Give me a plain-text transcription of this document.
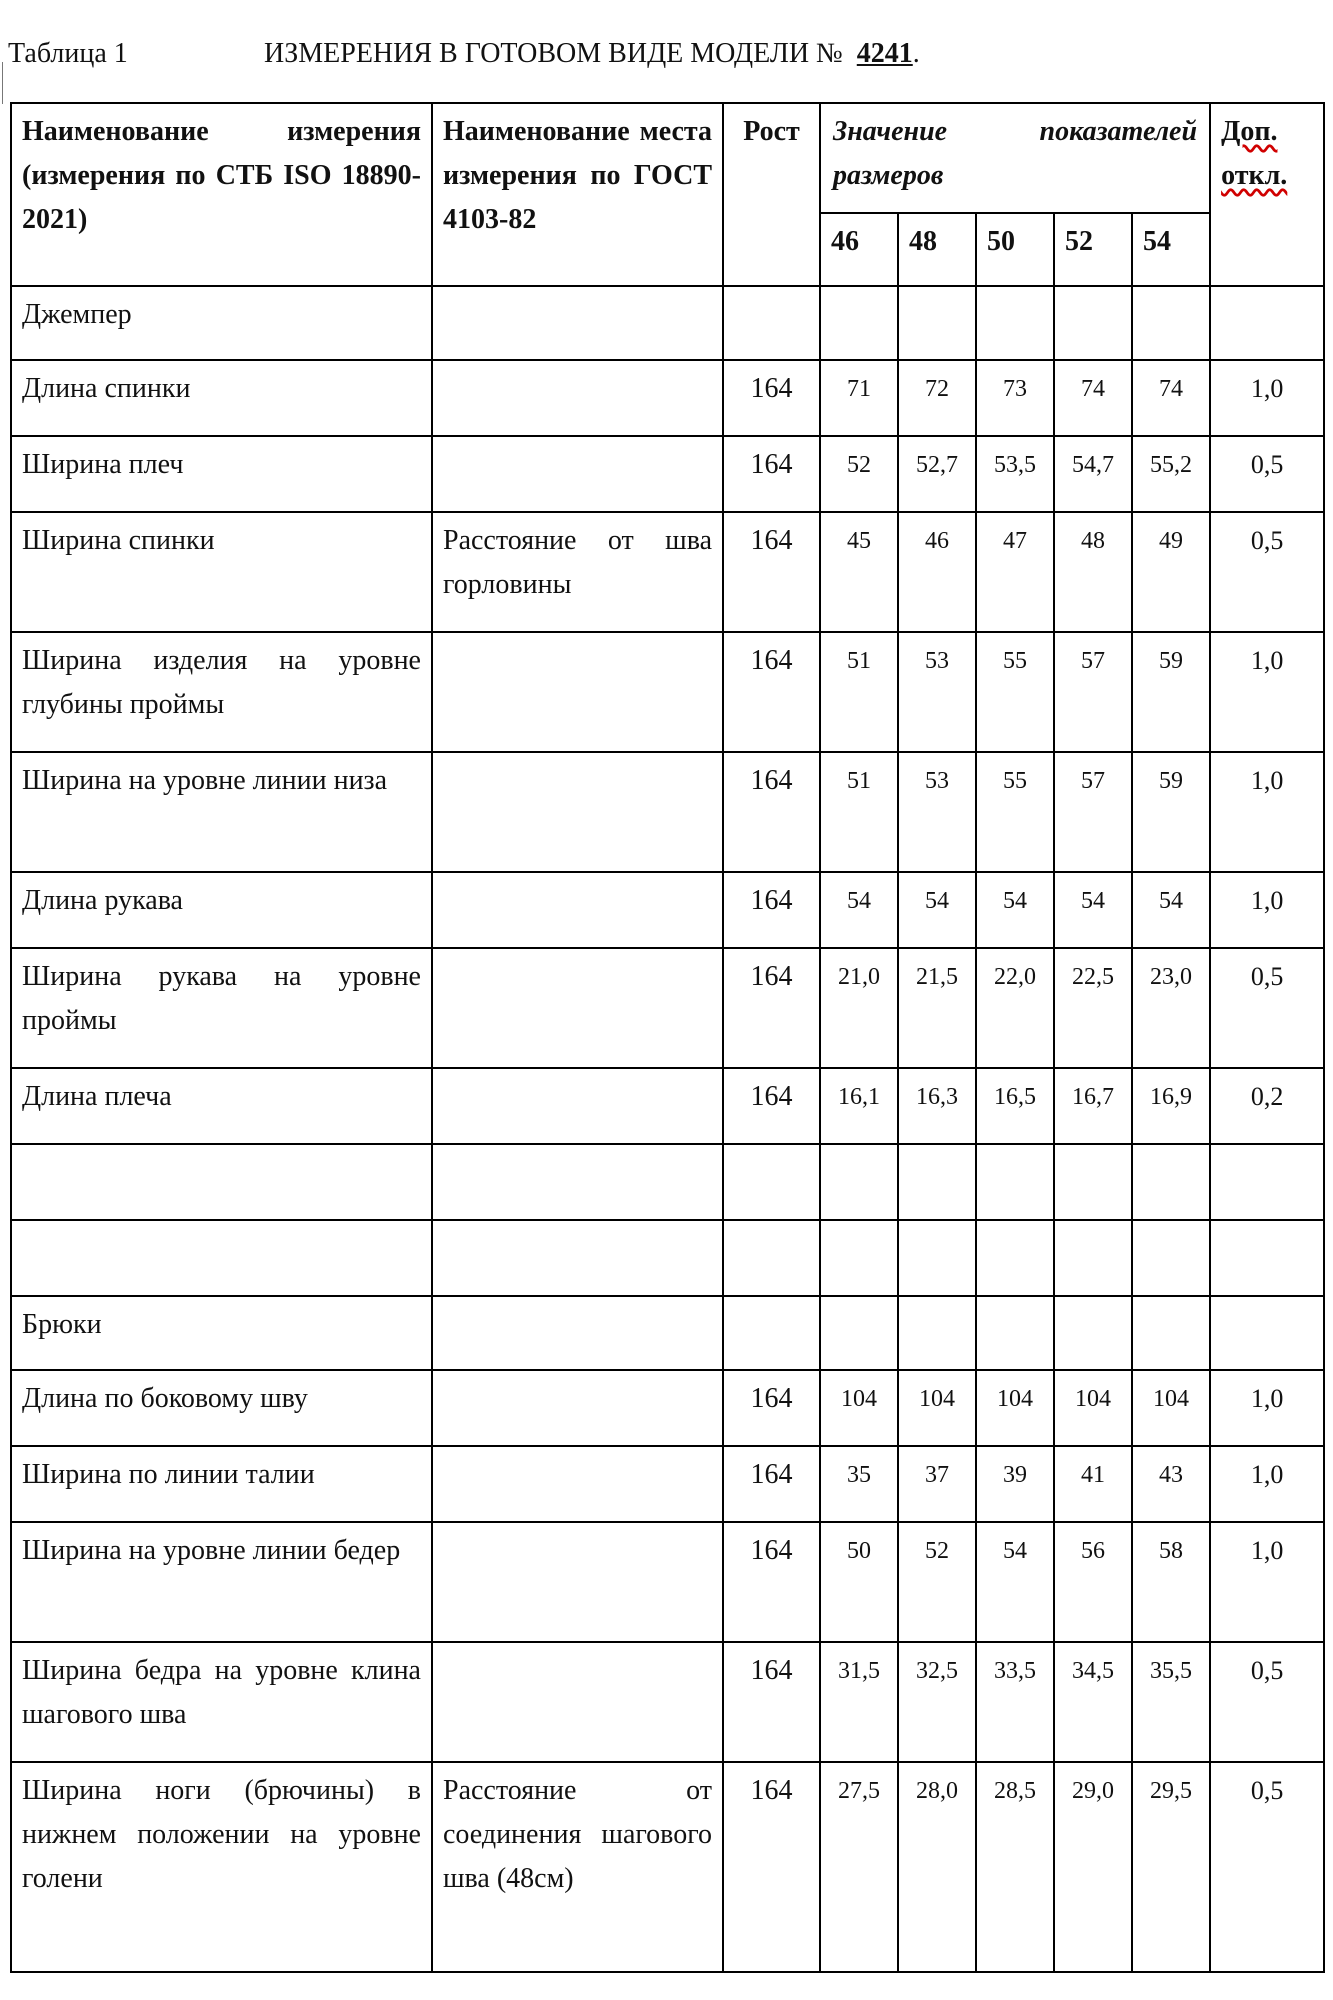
Таблица 1	ИЗМЕРЕНИЯ В ГОТОВОМ ВИДЕ МОДЕЛИ № 4241.
Наименование измерения (измерения по СТБ ISO 18890-2021)	Наименование места измерения по ГОСТ 4103-82	Рост	Значение показателей
размеров					Доп. откл.
			46	48	50	52	54	
Джемпер								
Длина спинки		164	71	72	73	74	74	1,0
Ширина плеч		164	52	52,7	53,5	54,7	55,2	0,5
Ширина спинки	Расстояние от шва горловины	164	45	46	47	48	49	0,5
Ширина изделия на уровне глубины проймы		164	51	53	55	57	59	1,0
Ширина на уровне линии низа		164	51	53	55	57	59	1,0
Длина рукава		164	54	54	54	54	54	1,0
Ширина рукава на уровне проймы		164	21,0	21,5	22,0	22,5	23,0	0,5
Длина плеча		164	16,1	16,3	16,5	16,7	16,9	0,2

Брюки								
Длина по боковому шву		164	104	104	104	104	104	1,0
Ширина по линии талии		164	35	37	39	41	43	1,0
Ширина на уровне линии бедер		164	50	52	54	56	58	1,0
Ширина бедра на уровне клина шагового шва		164	31,5	32,5	33,5	34,5	35,5	0,5
Ширина ноги (брючины) в нижнем положении на уровне голени	Расстояние от соединения шагового шва (48см)	164	27,5	28,0	28,5	29,0	29,5	0,5
